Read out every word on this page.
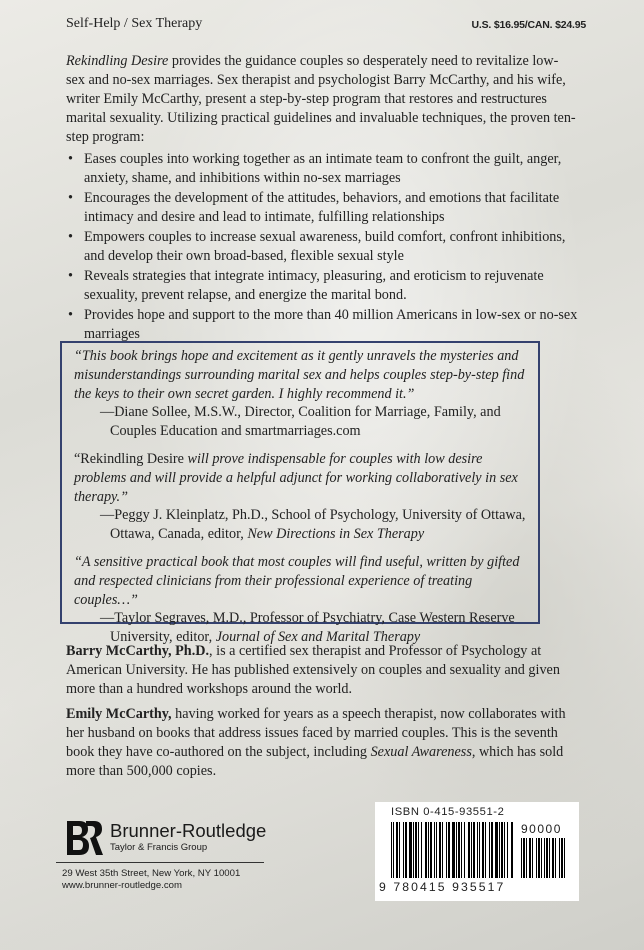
Self-Help / Sex Therapy	U.S. $16.95/CAN. $24.95

Rekindling Desire provides the guidance couples so desperately need to revitalize low-sex and no-sex marriages. Sex therapist and psychologist Barry McCarthy, and his wife, writer Emily McCarthy, present a step-by-step program that restores and restructures marital sexuality. Utilizing practical guidelines and invaluable techniques, the proven ten-step program:

• Eases couples into working together as an intimate team to confront the guilt, anger, anxiety, shame, and inhibitions within no-sex marriages
• Encourages the development of the attitudes, behaviors, and emotions that facilitate intimacy and desire and lead to intimate, fulfilling relationships
• Empowers couples to increase sexual awareness, build comfort, confront inhibitions, and develop their own broad-based, flexible sexual style
• Reveals strategies that integrate intimacy, pleasuring, and eroticism to rejuvenate sexuality, prevent relapse, and energize the marital bond.
• Provides hope and support to the more than 40 million Americans in low-sex or no-sex marriages

“This book brings hope and excitement as it gently unravels the mysteries and misunderstandings surrounding marital sex and helps couples step-by-step find the keys to their own secret garden. I highly recommend it.”

—Diane Sollee, M.S.W., Director, Coalition for Marriage, Family, and Couples Education and smartmarriages.com

“Rekindling Desire will prove indispensable for couples with low desire problems and will provide a helpful adjunct for working collaboratively in sex therapy.”

—Peggy J. Kleinplatz, Ph.D., School of Psychology, University of Ottawa, Ottawa, Canada, editor, New Directions in Sex Therapy

“A sensitive practical book that most couples will find useful, written by gifted and respected clinicians from their professional experience of treating couples…”

—Taylor Segraves, M.D., Professor of Psychiatry, Case Western Reserve University, editor, Journal of Sex and Marital Therapy

Barry McCarthy, Ph.D., is a certified sex therapist and Professor of Psychology at American University. He has published extensively on couples and sexuality and given more than a hundred workshops around the world.

Emily McCarthy, having worked for years as a speech therapist, now collaborates with her husband on books that address issues faced by married couples. This is the seventh book they have co-authored on the subject, including Sexual Awareness, which has sold more than 500,000 copies.

Brunner-Routledge
Taylor & Francis Group
29 West 35th Street, New York, NY 10001
www.brunner-routledge.com
ISBN 0-415-93551-2
90000
9 780415 935517
